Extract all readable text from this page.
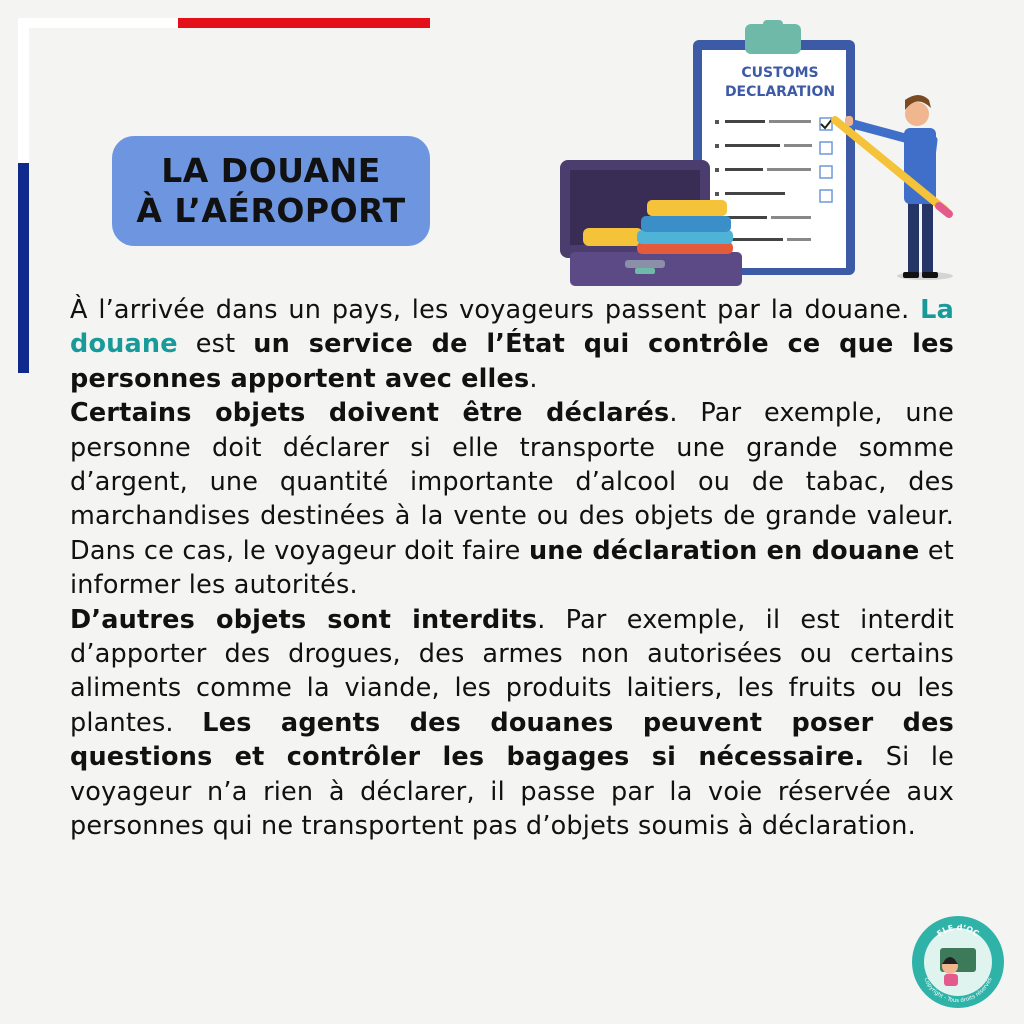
LA DOUANE
À L’AÉROPORT
CUSTOMS
DECLARATION

À l’arrivée dans un pays, les voyageurs passent par la douane. La douane est un service de l’État qui contrôle ce que les personnes apportent avec elles.

Certains objets doivent être déclarés. Par exemple, une personne doit déclarer si elle transporte une grande somme d’argent, une quantité importante d’alcool ou de tabac, des marchandises destinées à la vente ou des objets de grande valeur. Dans ce cas, le voyageur doit faire une déclaration en douane et informer les autorités.

D’autres objets sont interdits. Par exemple, il est interdit d’apporter des drogues, des armes non autorisées ou certains aliments comme la viande, les produits laitiers, les fruits ou les plantes. Les agents des douanes peuvent poser des questions et contrôler les bagages si nécessaire. Si le voyageur n’a rien à déclarer, il passe par la voie réservée aux personnes qui ne transportent pas d’objets soumis à déclaration.

FLE d’OC
Copyright - Tous droits réservés
